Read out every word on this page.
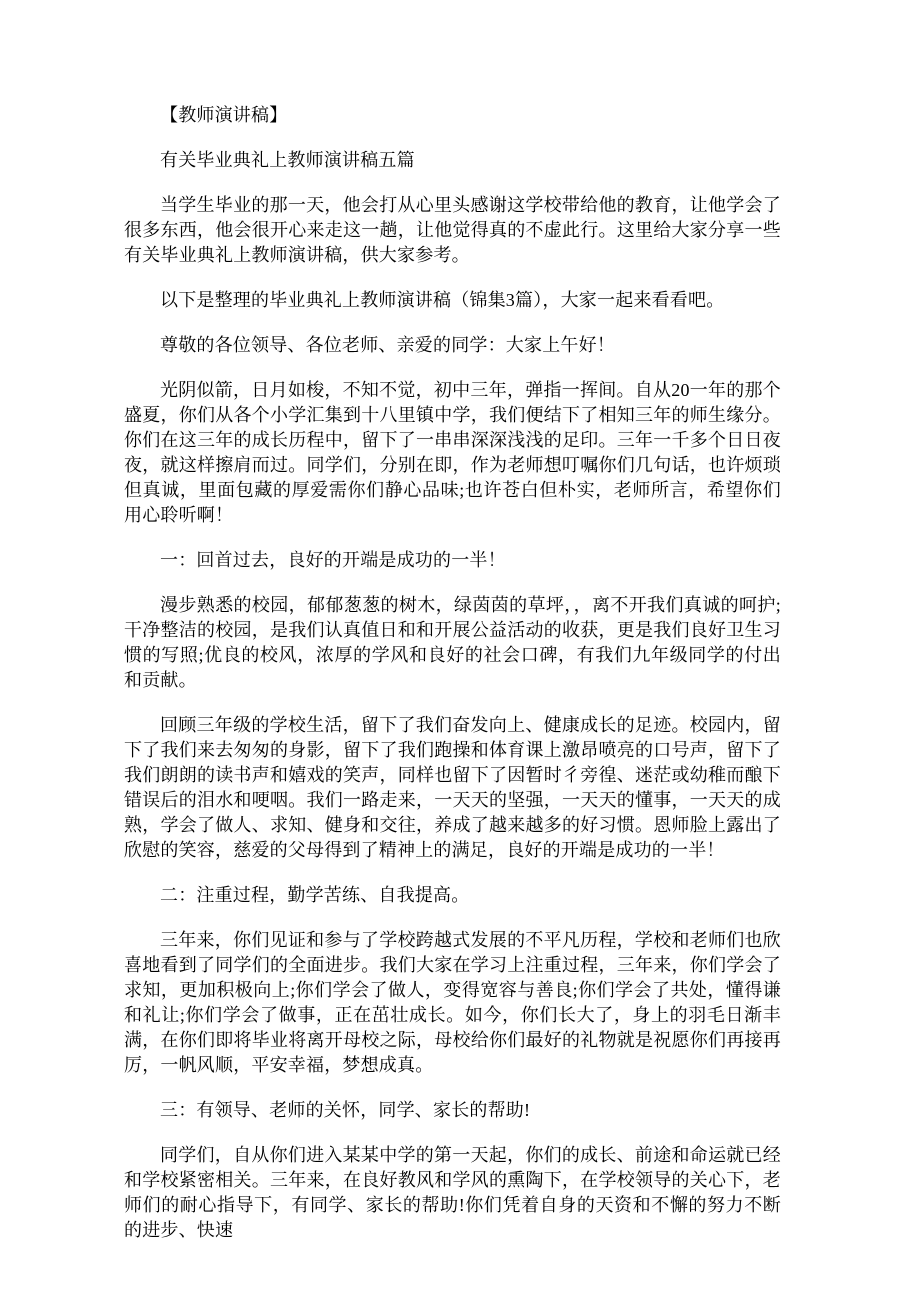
【教师演讲稿】

有关毕业典礼上教师演讲稿五篇

当学生毕业的那一天，他会打从心里头感谢这学校带给他的教育，让他学会了很多东西，他会很开心来走这一趟，让他觉得真的不虚此行。这里给大家分享一些有关毕业典礼上教师演讲稿，供大家参考。

以下是整理的毕业典礼上教师演讲稿（锦集3篇），大家一起来看看吧。

尊敬的各位领导、各位老师、亲爱的同学：大家上午好！

光阴似箭，日月如梭，不知不觉，初中三年，弹指一挥间。自从20一年的那个盛夏，你们从各个小学汇集到十八里镇中学，我们便结下了相知三年的师生缘分。你们在这三年的成长历程中，留下了一串串深深浅浅的足印。三年一千多个日日夜夜，就这样擦肩而过。同学们，分别在即，作为老师想叮嘱你们几句话，也许烦琐但真诚，里面包藏的厚爱需你们静心品味;也许苍白但朴实，老师所言，希望你们用心聆听啊！

一：回首过去，良好的开端是成功的一半！

漫步熟悉的校园，郁郁葱葱的树木，绿茵茵的草坪，，离不开我们真诚的呵护;干净整洁的校园，是我们认真值日和和开展公益活动的收获，更是我们良好卫生习惯的写照;优良的校风，浓厚的学风和良好的社会口碑，有我们九年级同学的付出和贡献。

回顾三年级的学校生活，留下了我们奋发向上、健康成长的足迹。校园内，留下了我们来去匆匆的身影，留下了我们跑操和体育课上激昂喷亮的口号声，留下了我们朗朗的读书声和嬉戏的笑声，同样也留下了因暂时彳旁徨、迷茫或幼稚而酿下错误后的泪水和哽咽。我们一路走来，一天天的坚强，一天天的懂事，一天天的成熟，学会了做人、求知、健身和交往，养成了越来越多的好习惯。恩师脸上露出了欣慰的笑容，慈爱的父母得到了精神上的满足，良好的开端是成功的一半！

二：注重过程，勤学苦练、自我提高。

三年来，你们见证和参与了学校跨越式发展的不平凡历程，学校和老师们也欣喜地看到了同学们的全面进步。我们大家在学习上注重过程，三年来，你们学会了求知，更加积极向上;你们学会了做人，变得宽容与善良;你们学会了共处，懂得谦和礼让;你们学会了做事，正在茁壮成长。如今，你们长大了，身上的羽毛日渐丰满，在你们即将毕业将离开母校之际，母校给你们最好的礼物就是祝愿你们再接再厉，一帆风顺，平安幸福，梦想成真。

三：有领导、老师的关怀，同学、家长的帮助!

同学们，自从你们进入某某中学的第一天起，你们的成长、前途和命运就已经和学校紧密相关。三年来，在良好教风和学风的熏陶下，在学校领导的关心下，老师们的耐心指导下，有同学、家长的帮助!你们凭着自身的天资和不懈的努力不断的进步、快速
